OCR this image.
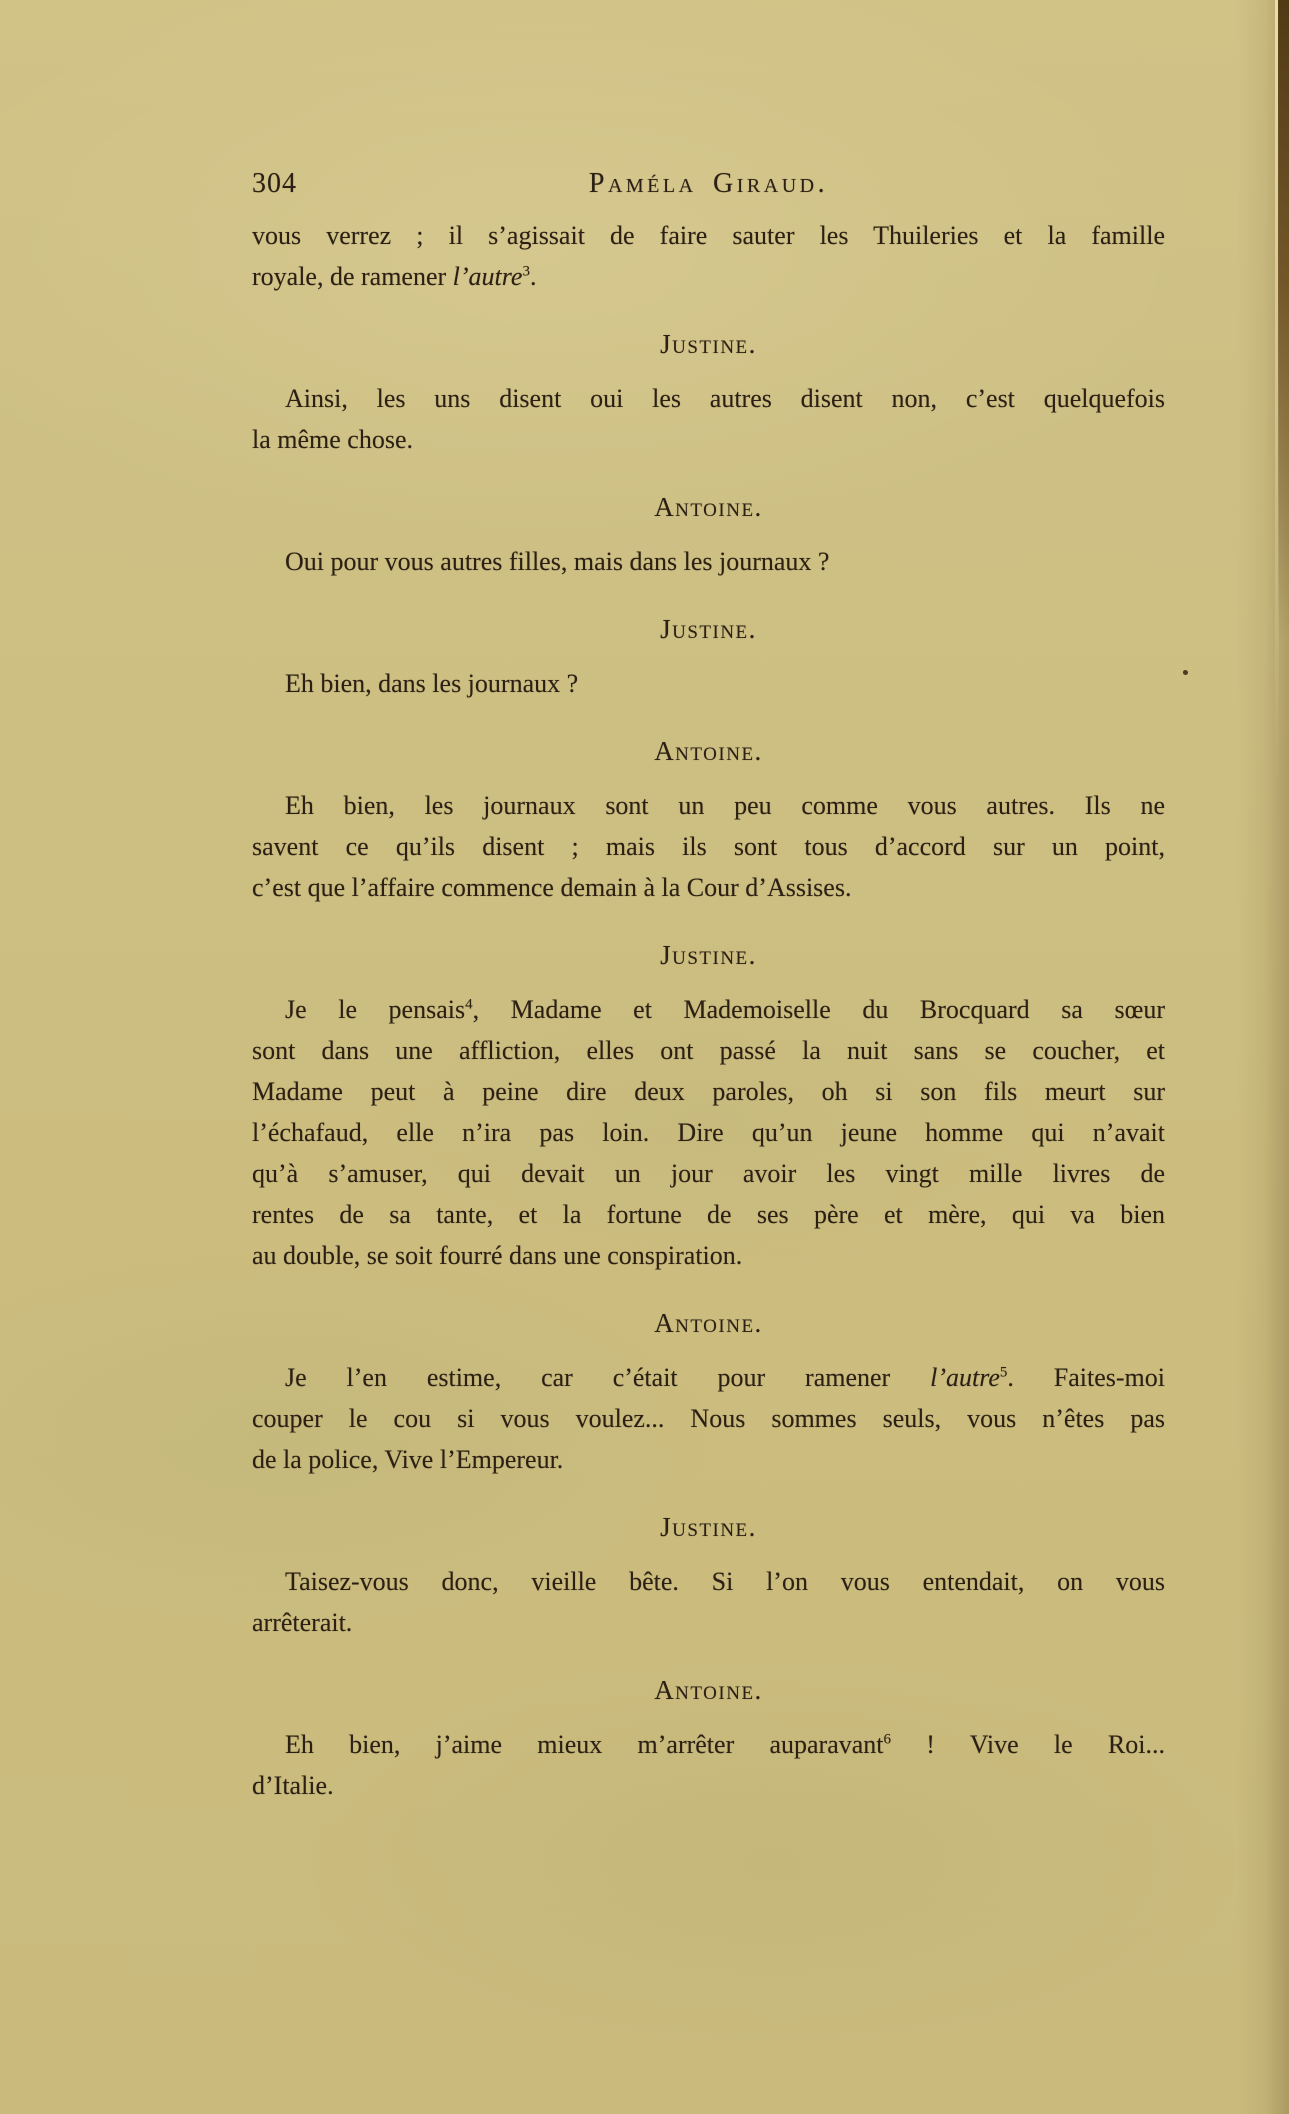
304	Paméla Giraud.
vous verrez ; il s’agissait de faire sauter les Thuileries et la famille
royale, de ramener l’autre$^3$.
Justine.
Ainsi, les uns disent oui les autres disent non, c’est quelquefois
la même chose.
Antoine.
Oui pour vous autres filles, mais dans les journaux ?
Justine.
Eh bien, dans les journaux ?
Antoine.
Eh bien, les journaux sont un peu comme vous autres. Ils ne
savent ce qu’ils disent ; mais ils sont tous d’accord sur un point,
c’est que l’affaire commence demain à la Cour d’Assises.
Justine.
Je le pensais$^4$, Madame et Mademoiselle du Brocquard sa sœur
sont dans une affliction, elles ont passé la nuit sans se coucher, et
Madame peut à peine dire deux paroles, oh si son fils meurt sur
l’échafaud, elle n’ira pas loin. Dire qu’un jeune homme qui n’avait
qu’à s’amuser, qui devait un jour avoir les vingt mille livres de
rentes de sa tante, et la fortune de ses père et mère, qui va bien
au double, se soit fourré dans une conspiration.
Antoine.
Je l’en estime, car c’était pour ramener l’autre$^5$. Faites-moi
couper le cou si vous voulez... Nous sommes seuls, vous n’êtes pas
de la police, Vive l’Empereur.
Justine.
Taisez-vous donc, vieille bête. Si l’on vous entendait, on vous
arrêterait.
Antoine.
Eh bien, j’aime mieux m’arrêter auparavant$^6$ ! Vive le Roi...
d’Italie.
